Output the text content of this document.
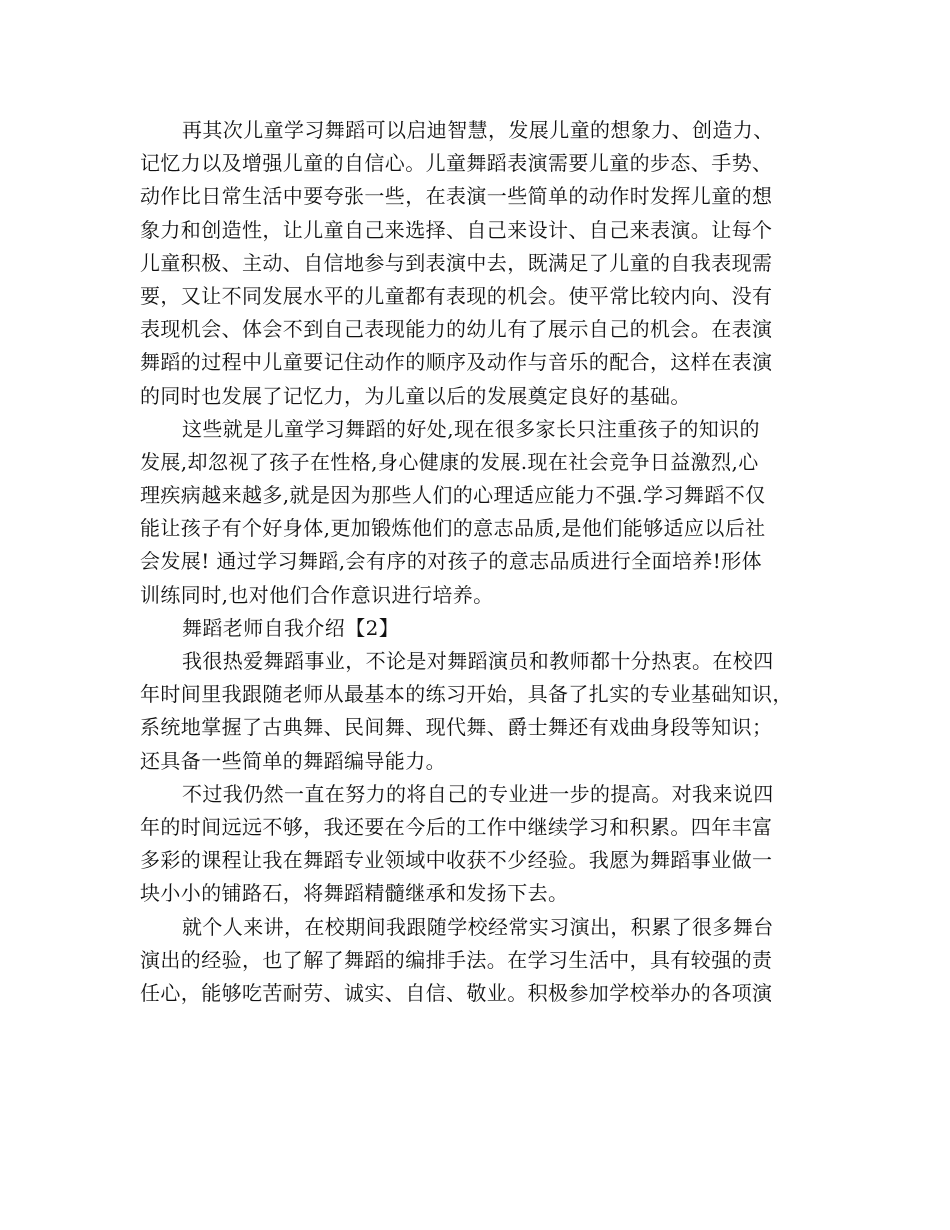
再其次儿童学习舞蹈可以启迪智慧，发展儿童的想象力、创造力、
记忆力以及增强儿童的自信心。儿童舞蹈表演需要儿童的步态、手势、
动作比日常生活中要夸张一些，在表演一些简单的动作时发挥儿童的想
象力和创造性，让儿童自己来选择、自己来设计、自己来表演。让每个
儿童积极、主动、自信地参与到表演中去，既满足了儿童的自我表现需
要，又让不同发展水平的儿童都有表现的机会。使平常比较内向、没有
表现机会、体会不到自己表现能力的幼儿有了展示自己的机会。在表演
舞蹈的过程中儿童要记住动作的顺序及动作与音乐的配合，这样在表演
的同时也发展了记忆力，为儿童以后的发展奠定良好的基础。
这些就是儿童学习舞蹈的好处,现在很多家长只注重孩子的知识的
发展,却忽视了孩子在性格,身心健康的发展.现在社会竞争日益激烈,心
理疾病越来越多,就是因为那些人们的心理适应能力不强.学习舞蹈不仅
能让孩子有个好身体,更加锻炼他们的意志品质,是他们能够适应以后社
会发展! 通过学习舞蹈,会有序的对孩子的意志品质进行全面培养!形体
训练同时,也对他们合作意识进行培养。
舞蹈老师自我介绍【2】
我很热爱舞蹈事业，不论是对舞蹈演员和教师都十分热衷。在校四
年时间里我跟随老师从最基本的练习开始，具备了扎实的专业基础知识，
系统地掌握了古典舞、民间舞、现代舞、爵士舞还有戏曲身段等知识；
还具备一些简单的舞蹈编导能力。
不过我仍然一直在努力的将自己的专业进一步的提高。对我来说四
年的时间远远不够，我还要在今后的工作中继续学习和积累。四年丰富
多彩的课程让我在舞蹈专业领域中收获不少经验。我愿为舞蹈事业做一
块小小的铺路石，将舞蹈精髓继承和发扬下去。
就个人来讲，在校期间我跟随学校经常实习演出，积累了很多舞台
演出的经验，也了解了舞蹈的编排手法。在学习生活中，具有较强的责
任心，能够吃苦耐劳、诚实、自信、敬业。积极参加学校举办的各项演
